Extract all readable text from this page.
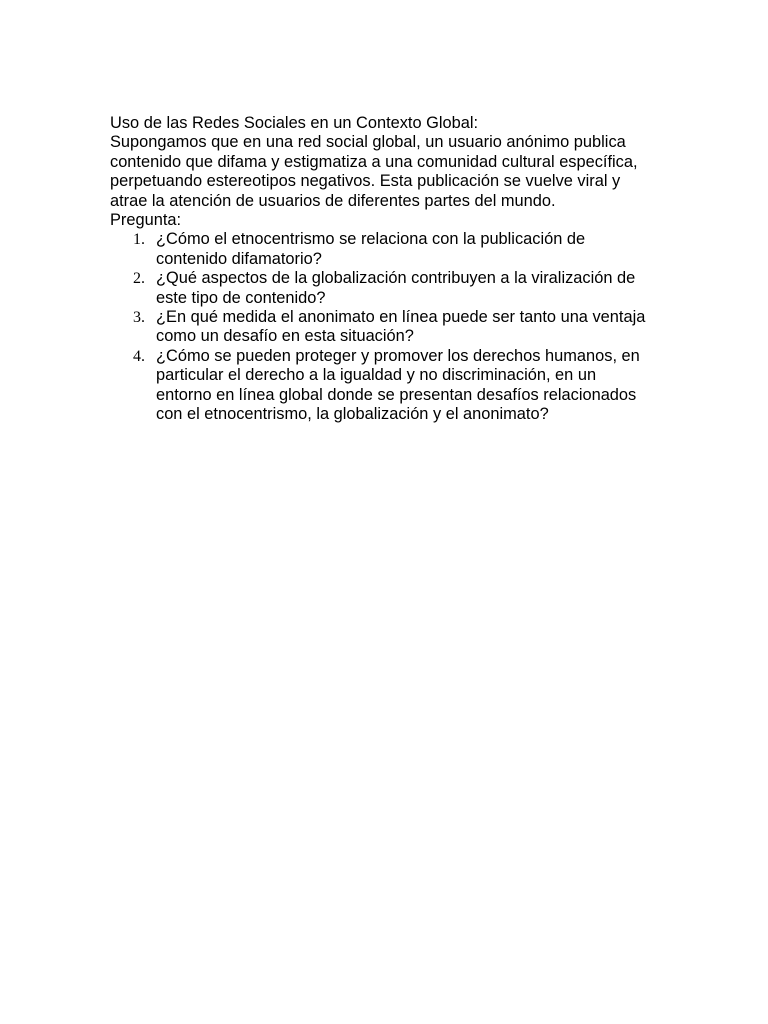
Uso de las Redes Sociales en un Contexto Global:

Supongamos que en una red social global, un usuario anónimo publica contenido que difama y estigmatiza a una comunidad cultural específica, perpetuando estereotipos negativos. Esta publicación se vuelve viral y atrae la atención de usuarios de diferentes partes del mundo.

Pregunta:

1. ¿Cómo el etnocentrismo se relaciona con la publicación de contenido difamatorio?
2. ¿Qué aspectos de la globalización contribuyen a la viralización de este tipo de contenido?
3. ¿En qué medida el anonimato en línea puede ser tanto una ventaja como un desafío en esta situación?
4. ¿Cómo se pueden proteger y promover los derechos humanos, en particular el derecho a la igualdad y no discriminación, en un entorno en línea global donde se presentan desafíos relacionados con el etnocentrismo, la globalización y el anonimato?
